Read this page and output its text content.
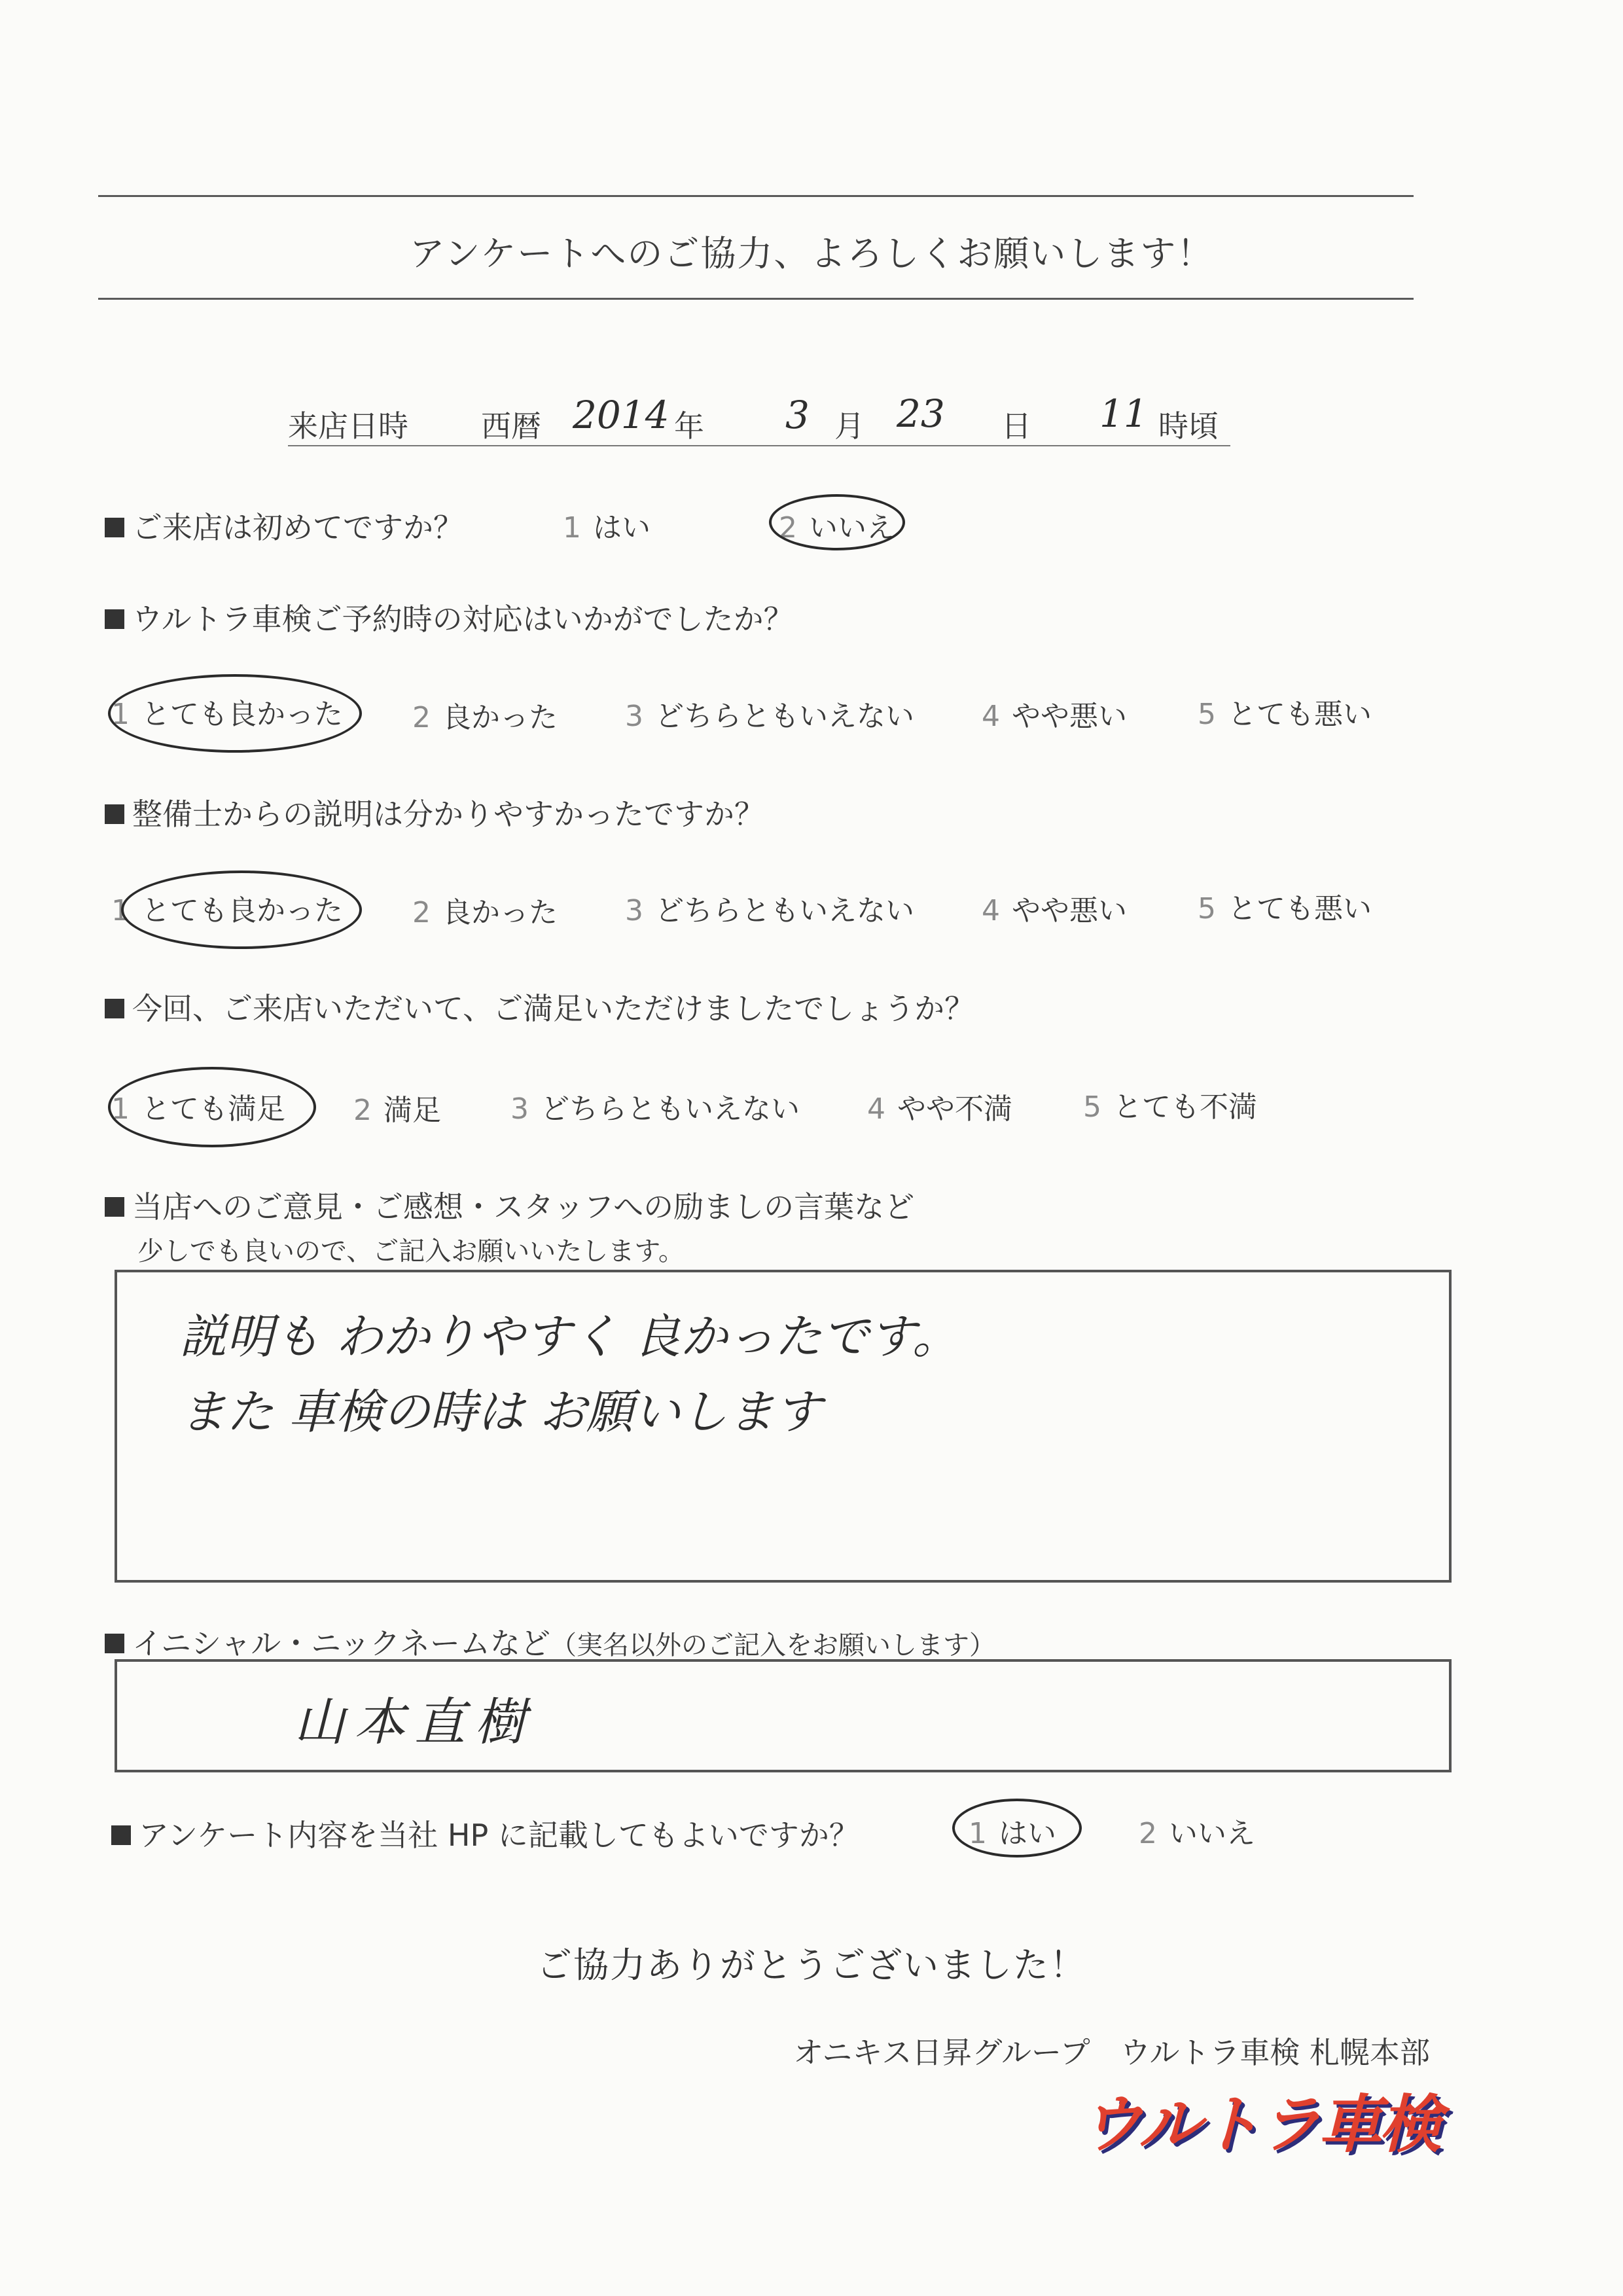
アンケートへのご協力、よろしくお願いします！
来店日時 西暦 2014 年 3 月 23 日 11 時頃
ご来店は初めてですか？	1 はい	2 いいえ
ウルトラ車検ご予約時の対応はいかがでしたか？
1 とても良かった 2 良かった 3 どちらともいえない 4 やや悪い 5 とても悪い
整備士からの説明は分かりやすかったですか？
1 とても良かった 2 良かった 3 どちらともいえない 4 やや悪い 5 とても悪い
今回、ご来店いただいて、ご満足いただけましたでしょうか？
1 とても満足 2 満足 3 どちらともいえない 4 やや不満 5 とても不満
当店へのご意見・ご感想・スタッフへの励ましの言葉など
少しでも良いので、ご記入お願いいたします。
説明も わかりやすく 良かったです。
また 車検の時は お願いします
イニシャル・ニックネームなど（実名以外のご記入をお願いします）
山本直樹
アンケート内容を当社 HP に記載してもよいですか？	1 はい	2 いいえ
ご協力ありがとうございました！
オニキス日昇グループ　ウルトラ車検 札幌本部
ウルトラ車検
